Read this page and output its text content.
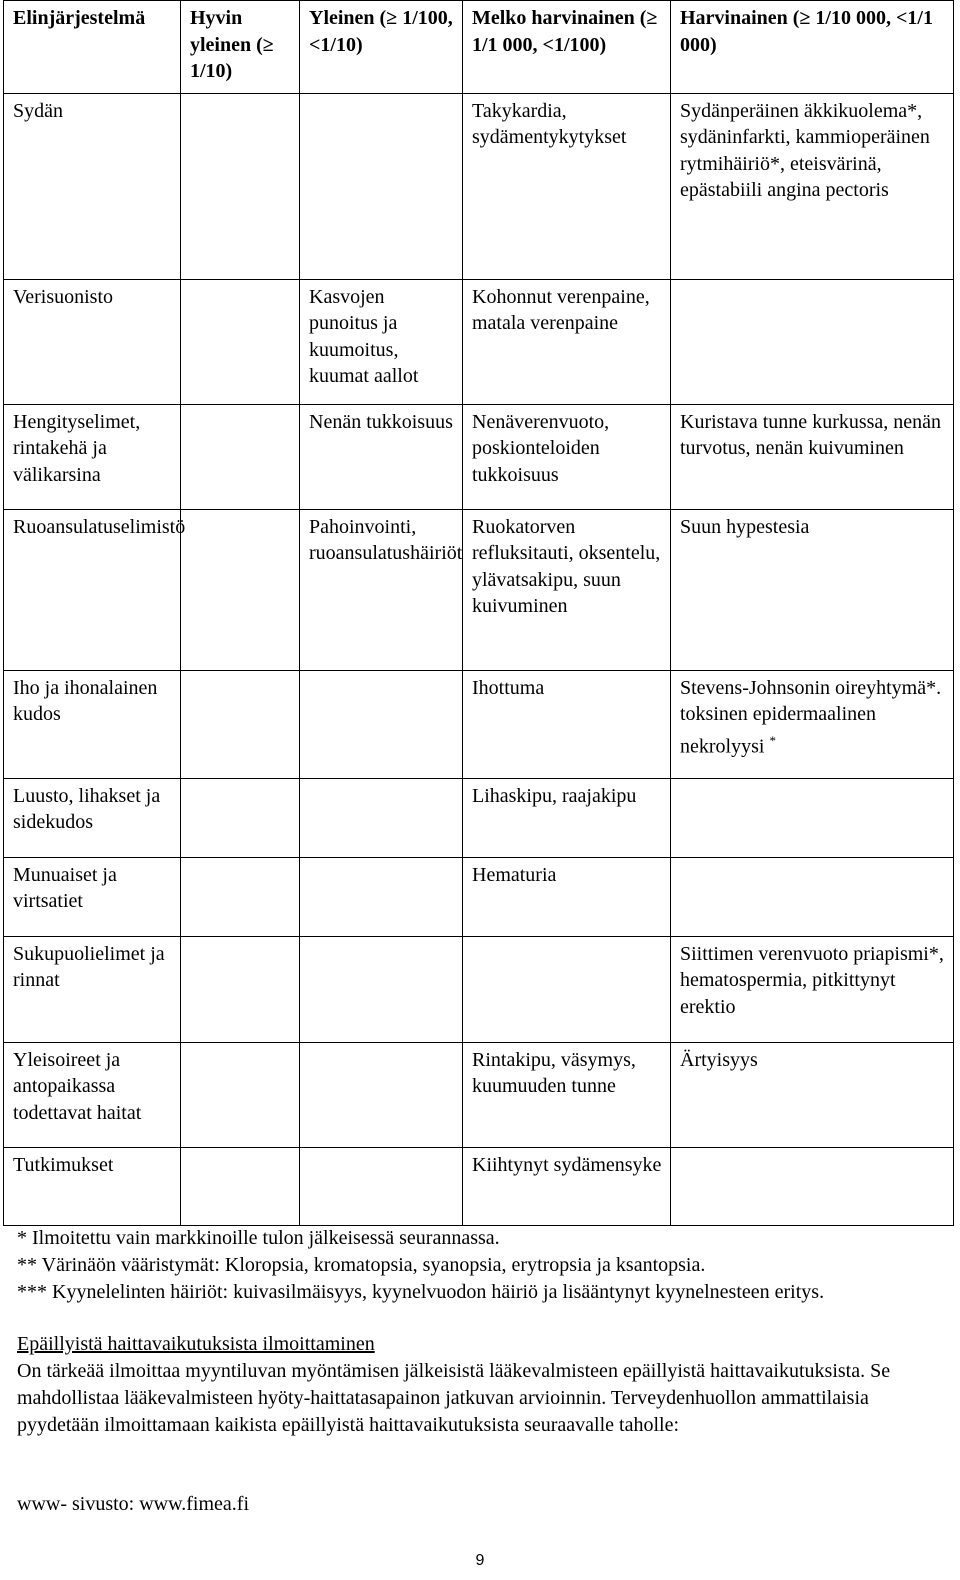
Elinjärjestelmä	Hyvin yleinen (≥ 1/10)	Yleinen (≥ 1/100, <1/10)	Melko harvinainen (≥ 1/1 000, <1/100)	Harvinainen (≥ 1/10 000, <1/1 000)
Sydän			Takykardia, sydämentykytykset	Sydänperäinen äkkikuolema*, sydäninfarkti, kammioperäinen rytmihäiriö*, eteisvärinä, epästabiili angina pectoris
Verisuonisto		Kasvojen punoitus ja kuumoitus, kuumat aallot	Kohonnut verenpaine, matala verenpaine	
Hengityselimet, rintakehä ja välikarsina		Nenän tukkoisuus	Nenäverenvuoto, poskionteloiden tukkoisuus	Kuristava tunne kurkussa, nenän turvotus, nenän kuivuminen
Ruoansulatuselimistö		Pahoinvointi, ruoansulatushäiriöt	Ruokatorven refluksitauti, oksentelu, ylävatsakipu, suun kuivuminen	Suun hypestesia
Iho ja ihonalainen kudos			Ihottuma	Stevens-Johnsonin oireyhtymä*. toksinen epidermaalinen nekrolyysi *
Luusto, lihakset ja sidekudos			Lihaskipu, raajakipu	
Munuaiset ja virtsatiet			Hematuria	
Sukupuolielimet ja rinnat				Siittimen verenvuoto priapismi*, hematospermia, pitkittynyt erektio
Yleisoireet ja antopaikassa todettavat haitat			Rintakipu, väsymys, kuumuuden tunne	Ärtyisyys
Tutkimukset			Kiihtynyt sydämensyke	
* Ilmoitettu vain markkinoille tulon jälkeisessä seurannassa.
** Värinäön vääristymät: Kloropsia, kromatopsia, syanopsia, erytropsia ja ksantopsia.
*** Kyynelelinten häiriöt: kuivasilmäisyys, kyynelvuodon häiriö ja lisääntynyt kyynelnesteen eritys.
Epäillyistä haittavaikutuksista ilmoittaminen
On tärkeää ilmoittaa myyntiluvan myöntämisen jälkeisistä lääkevalmisteen epäillyistä haittavaikutuksista. Se mahdollistaa lääkevalmisteen hyöty-haittatasapainon jatkuvan arvioinnin. Terveydenhuollon ammattilaisia pyydetään ilmoittamaan kaikista epäillyistä haittavaikutuksista seuraavalle taholle:
www- sivusto: www.fimea.fi
9
